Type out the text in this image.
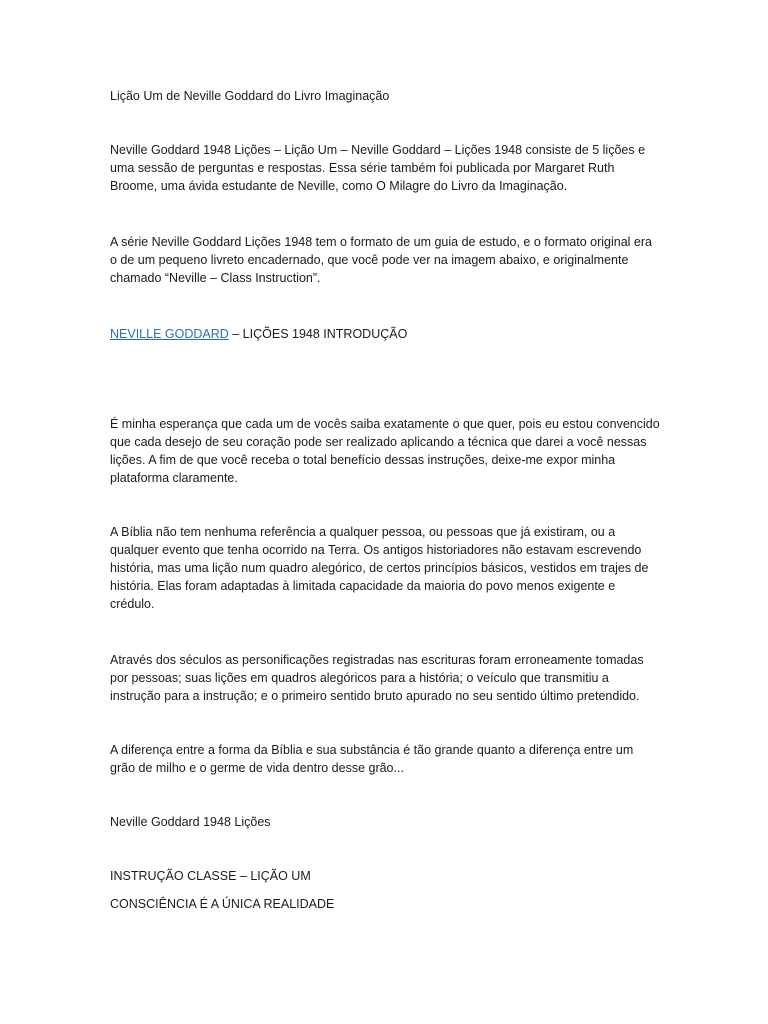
Lição Um de Neville Goddard do Livro Imaginação

Neville Goddard 1948 Lições – Lição Um – Neville Goddard – Lições 1948 consiste de 5 lições e uma sessão de perguntas e respostas. Essa série também foi publicada por Margaret Ruth Broome, uma ávida estudante de Neville, como O Milagre do Livro da Imaginação.

A série Neville Goddard Lições 1948 tem o formato de um guia de estudo, e o formato original era o de um pequeno livreto encadernado, que você pode ver na imagem abaixo, e originalmente chamado “Neville – Class Instruction”.

NEVILLE GODDARD – LIÇÕES 1948 INTRODUÇÃO

É minha esperança que cada um de vocês saiba exatamente o que quer, pois eu estou convencido que cada desejo de seu coração pode ser realizado aplicando a técnica que darei a você nessas lições. A fim de que você receba o total benefício dessas instruções, deixe-me expor minha plataforma claramente.

A Bíblia não tem nenhuma referência a qualquer pessoa, ou pessoas que já existiram, ou a qualquer evento que tenha ocorrido na Terra. Os antigos historiadores não estavam escrevendo história, mas uma lição num quadro alegórico, de certos princípios básicos, vestidos em trajes de história. Elas foram adaptadas à limitada capacidade da maioria do povo menos exigente e crédulo.

Através dos séculos as personificações registradas nas escrituras foram erroneamente tomadas por pessoas; suas lições em quadros alegóricos para a história; o veículo que transmitiu a instrução para a instrução; e o primeiro sentido bruto apurado no seu sentido último pretendido.

A diferença entre a forma da Bíblia e sua substância é tão grande quanto a diferença entre um grão de milho e o germe de vida dentro desse grão...

Neville Goddard 1948 Lições

INSTRUÇÃO CLASSE – LIÇÃO UM

CONSCIÊNCIA É A ÚNICA REALIDADE
